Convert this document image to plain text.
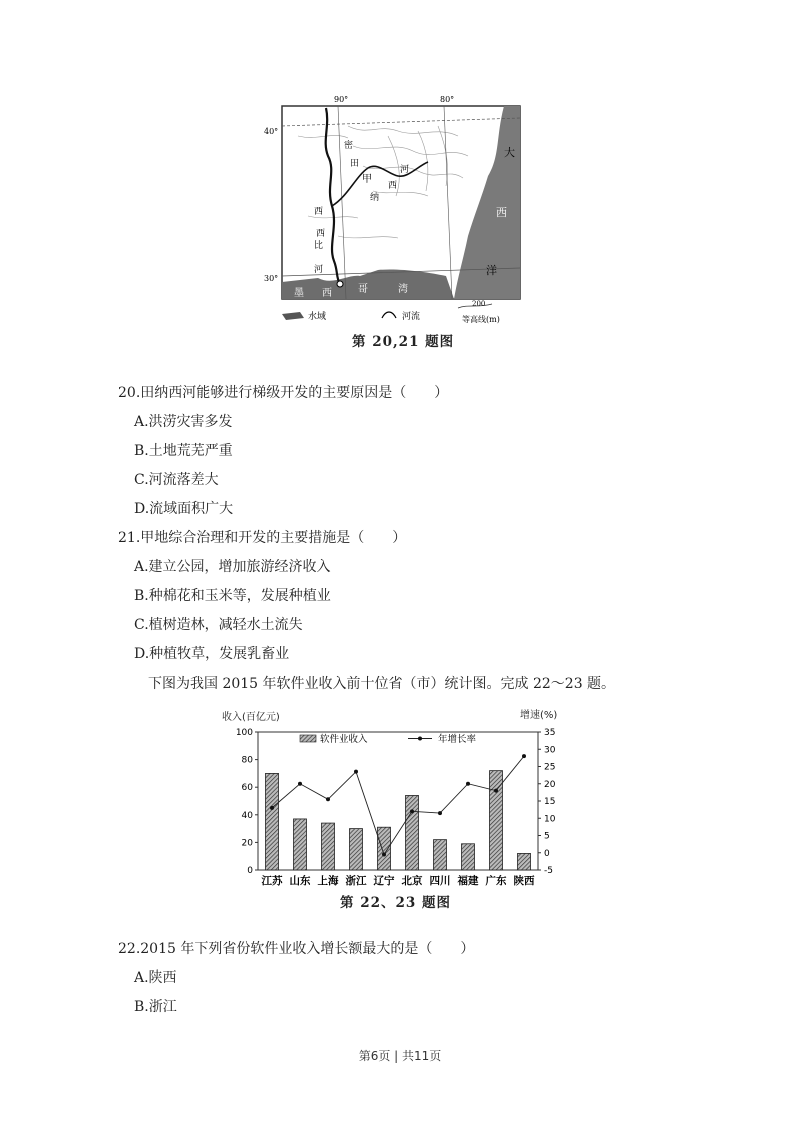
90°	80°
40°
30°
大
西
洋
墨 西	哥	湾
甲
田
纳
西
河
密
西
西
比
河
水域	河流
200
等高线(m)
第 20,21 题图
20.田纳西河能够进行梯级开发的主要原因是（　　）
A.洪涝灾害多发
B.土地荒芜严重
C.河流落差大
D.流域面积广大
21.甲地综合治理和开发的主要措施是（　　）
A.建立公园，增加旅游经济收入
B.种棉花和玉米等，发展种植业
C.植树造林，减轻水土流失
D.种植牧草，发展乳畜业
下图为我国 2015 年软件业收入前十位省（市）统计图。完成 22～23 题。
收入(百亿元)	增速(%)
0
20
40
60
80
100
-5
0
5
10
15
20
25
30
35
江苏 山东 上海 浙江 辽宁 北京 四川 福建 广东 陕西
软件业收入	年增长率
第 22、23 题图
22.2015 年下列省份软件业收入增长额最大的是（　　）
A.陕西
B.浙江
第6页 | 共11页
